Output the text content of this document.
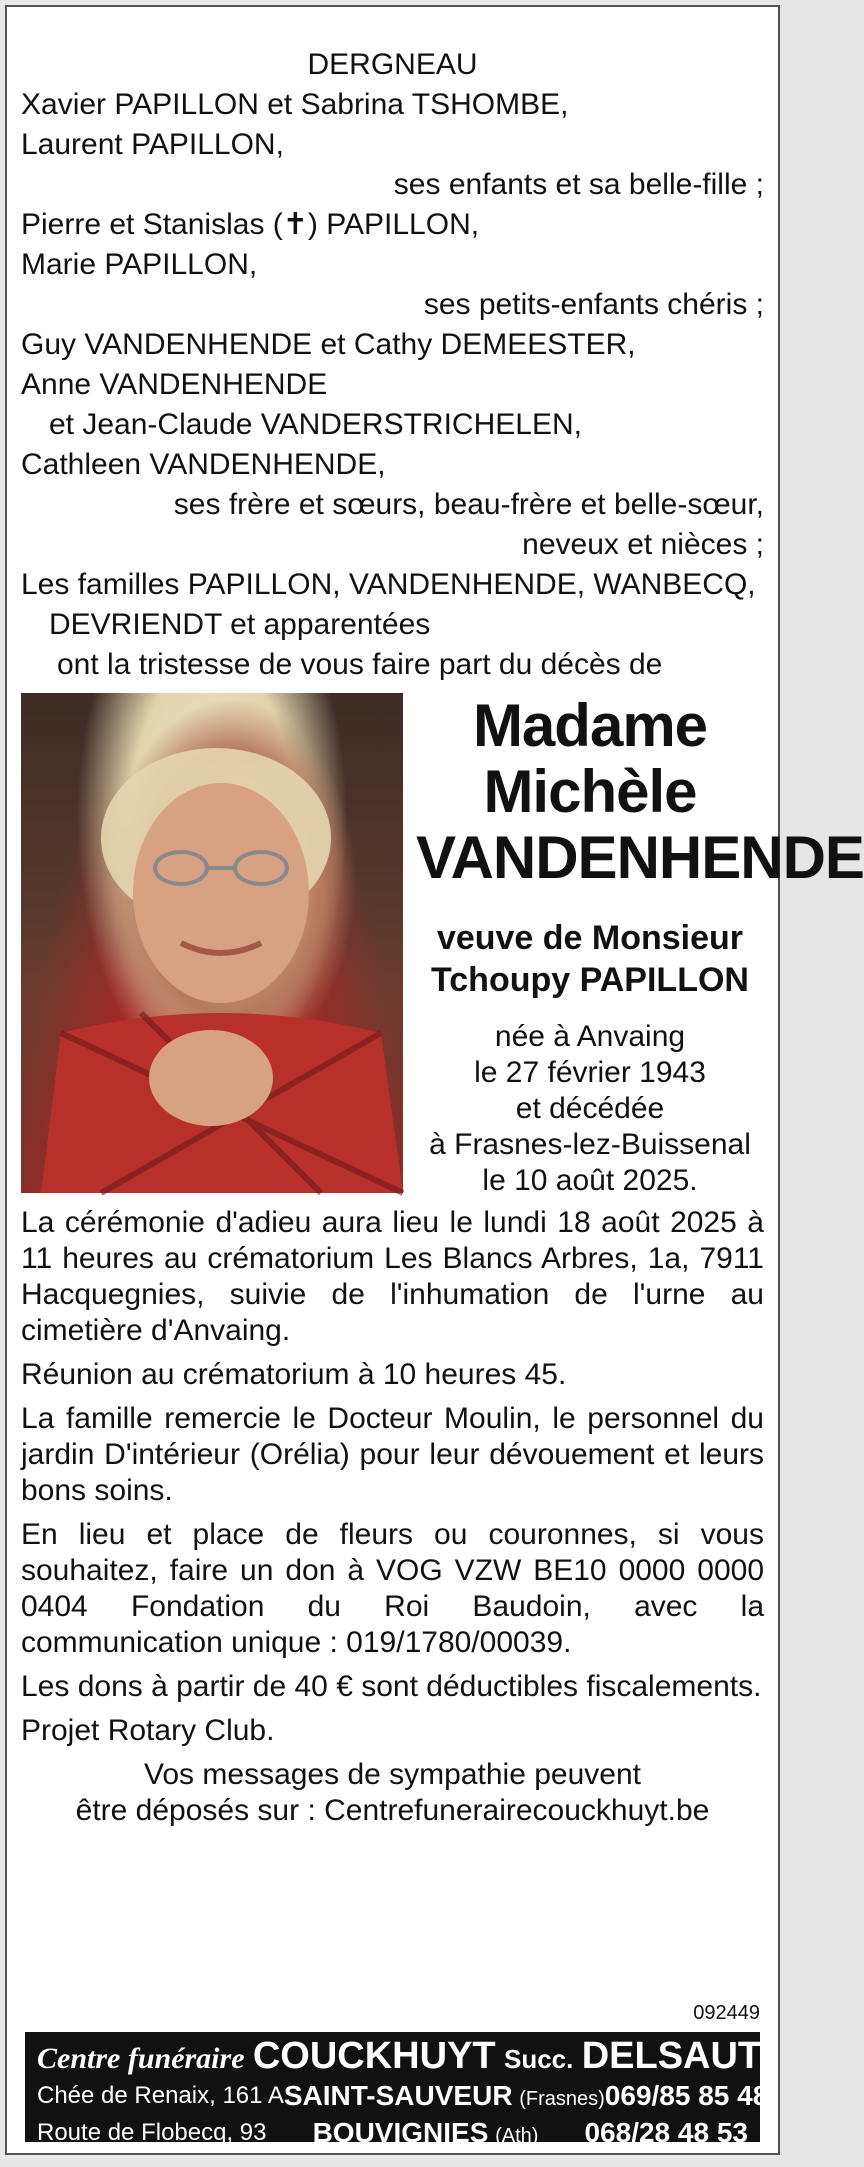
DERGNEAU
Xavier PAPILLON et Sabrina TSHOMBE,
Laurent PAPILLON,
ses enfants et sa belle-fille ;
Pierre et Stanislas (✝) PAPILLON,
Marie PAPILLON,
ses petits-enfants chéris ;
Guy VANDENHENDE et Cathy DEMEESTER,
Anne VANDENHENDE
et Jean-Claude VANDERSTRICHELEN,
Cathleen VANDENHENDE,
ses frère et sœurs, beau-frère et belle-sœur,
neveux et nièces ;
Les familles PAPILLON, VANDENHENDE, WANBECQ,
DEVRIENDT et apparentées
ont la tristesse de vous faire part du décès de
Madame
Michèle
VANDENHENDE
veuve de Monsieur
Tchoupy PAPILLON
née à Anvaing
le 27 février 1943
et décédée
à Frasnes-lez-Buissenal
le 10 août 2025.
La cérémonie d'adieu aura lieu le lundi 18 août 2025 à 11 heures au crématorium Les Blancs Arbres, 1a, 7911 Hacquegnies, suivie de l'inhumation de l'urne au cimetière d'Anvaing.
Réunion au crématorium à 10 heures 45.
La famille remercie le Docteur Moulin, le personnel du jardin D'intérieur (Orélia) pour leur dévouement et leurs bons soins.
En lieu et place de fleurs ou couronnes, si vous souhaitez, faire un don à VOG VZW BE10 0000 0000 0404 Fondation du Roi Baudoin, avec la communication unique : 019/1780/00039.
Les dons à partir de 40 € sont déductibles fiscalements.
Projet Rotary Club.
Vos messages de sympathie peuvent
être déposés sur : Centrefunerairecouckhuyt.be
092449
Centre funéraire COUCKHUYT Succ. DELSAUT
Chée de Renaix, 161 A SAINT-SAUVEUR (Frasnes) 069/85 85 48
Route de Flobecq, 93 BOUVIGNIES (Ath) 068/28 48 53
